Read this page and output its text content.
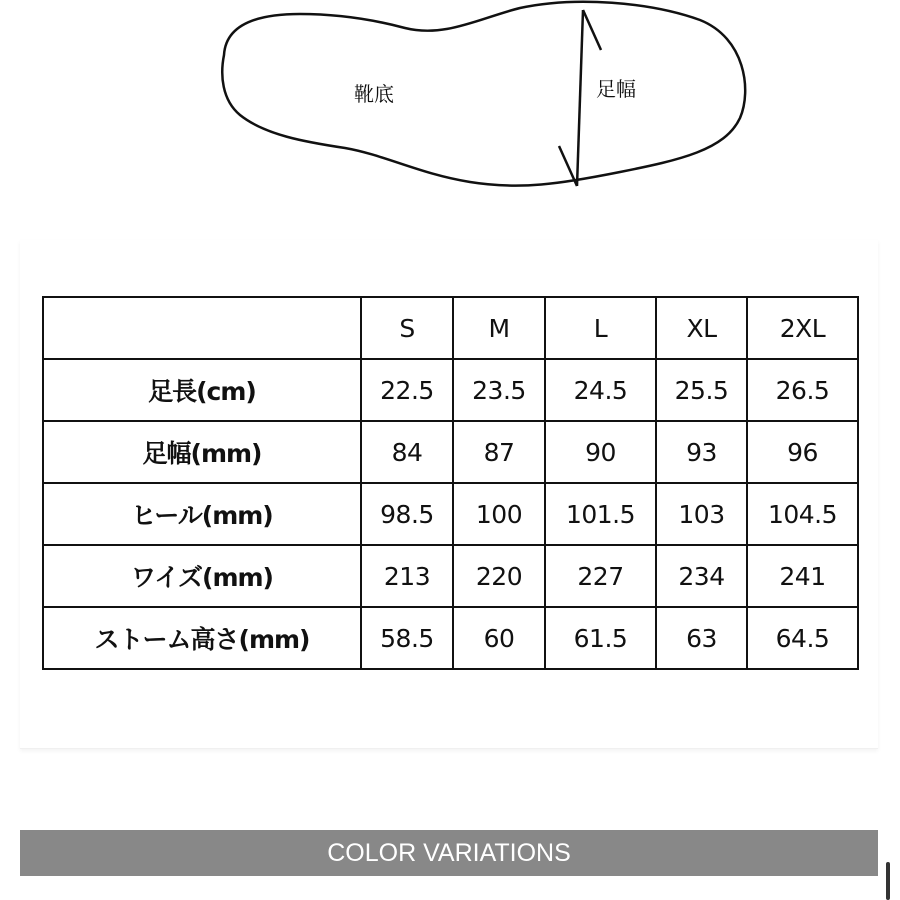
靴底	足幅
	S	M	L	XL	2XL
足長(cm)	22.5	23.5	24.5	25.5	26.5
足幅(mm)	84	87	90	93	96
ヒール(mm)	98.5	100	101.5	103	104.5
ワイズ(mm)	213	220	227	234	241
ストーム高さ(mm)	58.5	60	61.5	63	64.5
COLOR VARIATIONS
